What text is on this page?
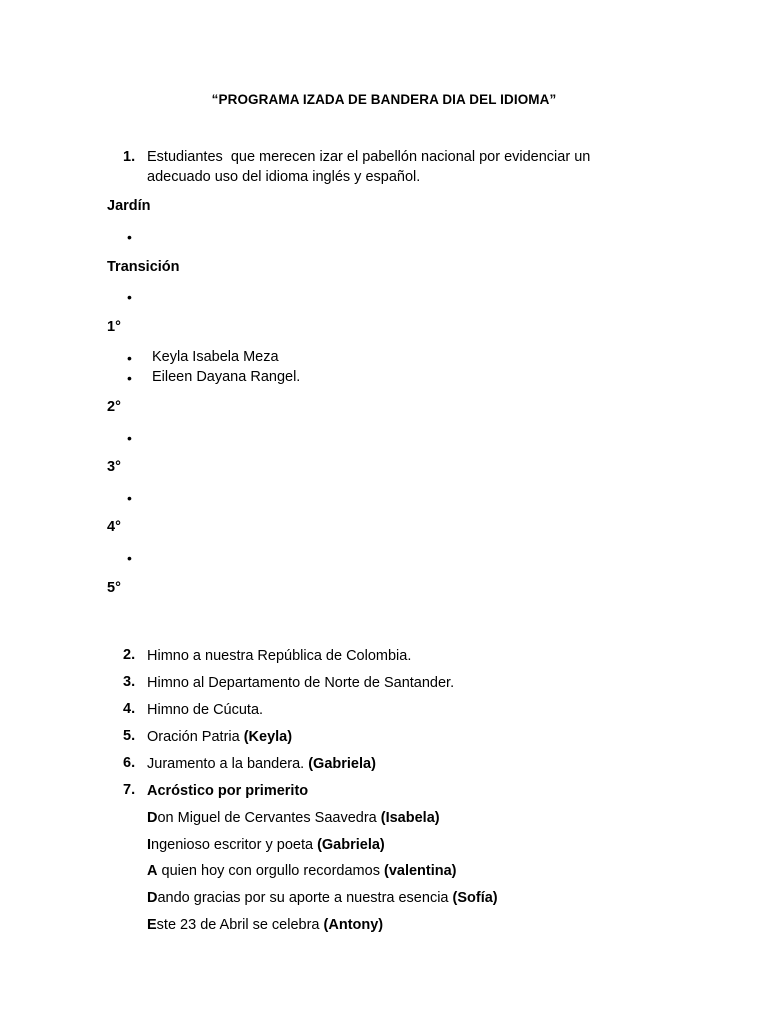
“PROGRAMA IZADA DE BANDERA DIA DEL IDIOMA”
1. Estudiantes  que merecen izar el pabellón nacional por evidenciar un
adecuado uso del idioma inglés y español.
Jardín
•
Transición
•
1°
• Keyla Isabela Meza
• Eileen Dayana Rangel.
2°
•
3°
•
4°
•
5°
2. Himno a nuestra República de Colombia.
3. Himno al Departamento de Norte de Santander.
4. Himno de Cúcuta.
5. Oración Patria (Keyla)
6. Juramento a la bandera. (Gabriela)
7. Acróstico por primerito
Don Miguel de Cervantes Saavedra (Isabela)
Ingenioso escritor y poeta (Gabriela)
A quien hoy con orgullo recordamos (valentina)
Dando gracias por su aporte a nuestra esencia (Sofía)
Este 23 de Abril se celebra (Antony)
